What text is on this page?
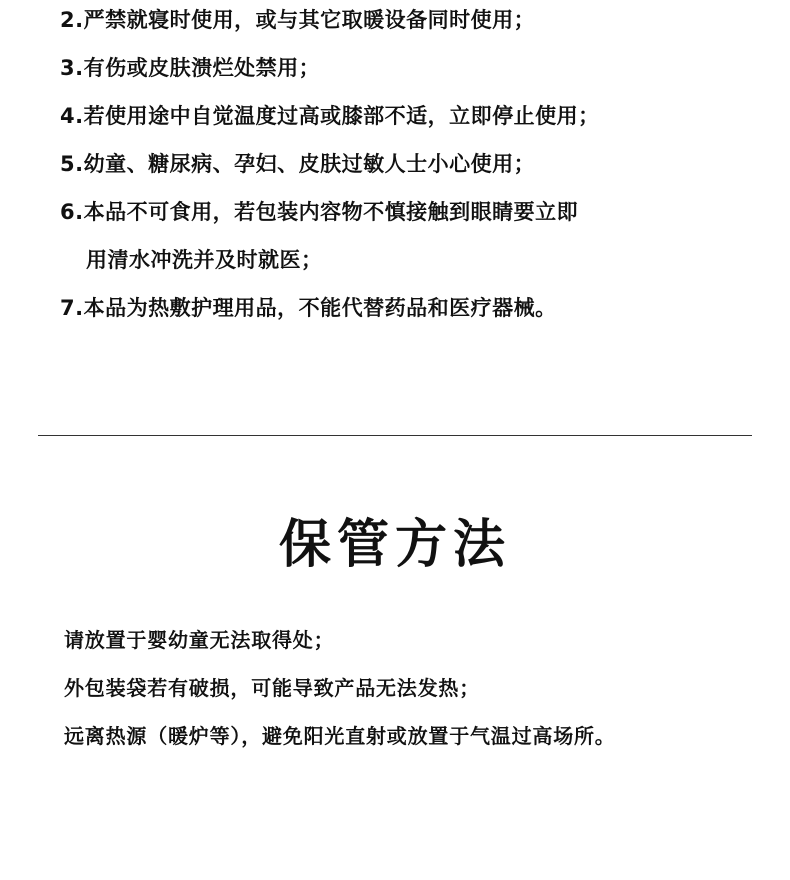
2.严禁就寝时使用，或与其它取暖设备同时使用；
3.有伤或皮肤溃烂处禁用；
4.若使用途中自觉温度过高或膝部不适，立即停止使用；
5.幼童、糖尿病、孕妇、皮肤过敏人士小心使用；
6.本品不可食用，若包装内容物不慎接触到眼睛要立即
用清水冲洗并及时就医；
7.本品为热敷护理用品，不能代替药品和医疗器械。
保管方法
请放置于婴幼童无法取得处；
外包装袋若有破损，可能导致产品无法发热；
远离热源（暖炉等），避免阳光直射或放置于气温过高场所。
